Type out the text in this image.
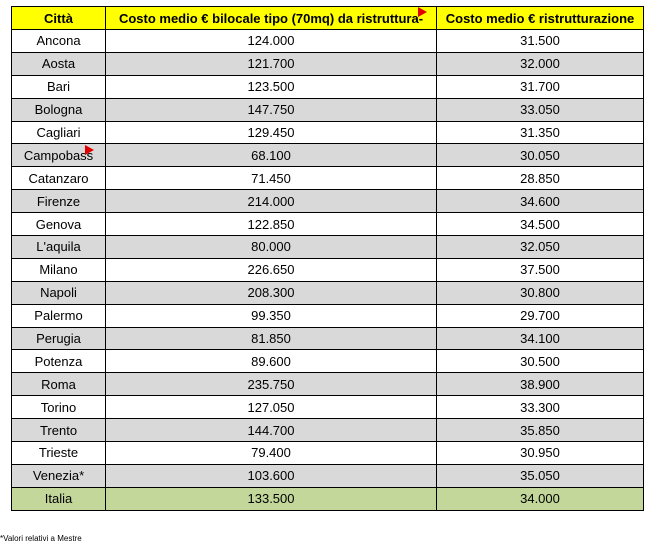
Città	Costo medio € bilocale tipo (70mq) da ristruttura-	Costo medio € ristrutturazione
Ancona	124.000	31.500
Aosta	121.700	32.000
Bari	123.500	31.700
Bologna	147.750	33.050
Cagliari	129.450	31.350
Campobass	68.100	30.050
Catanzaro	71.450	28.850
Firenze	214.000	34.600
Genova	122.850	34.500
L'aquila	80.000	32.050
Milano	226.650	37.500
Napoli	208.300	30.800
Palermo	99.350	29.700
Perugia	81.850	34.100
Potenza	89.600	30.500
Roma	235.750	38.900
Torino	127.050	33.300
Trento	144.700	35.850
Trieste	79.400	30.950
Venezia*	103.600	35.050
Italia	133.500	34.000
*Valori relativi a Mestre
